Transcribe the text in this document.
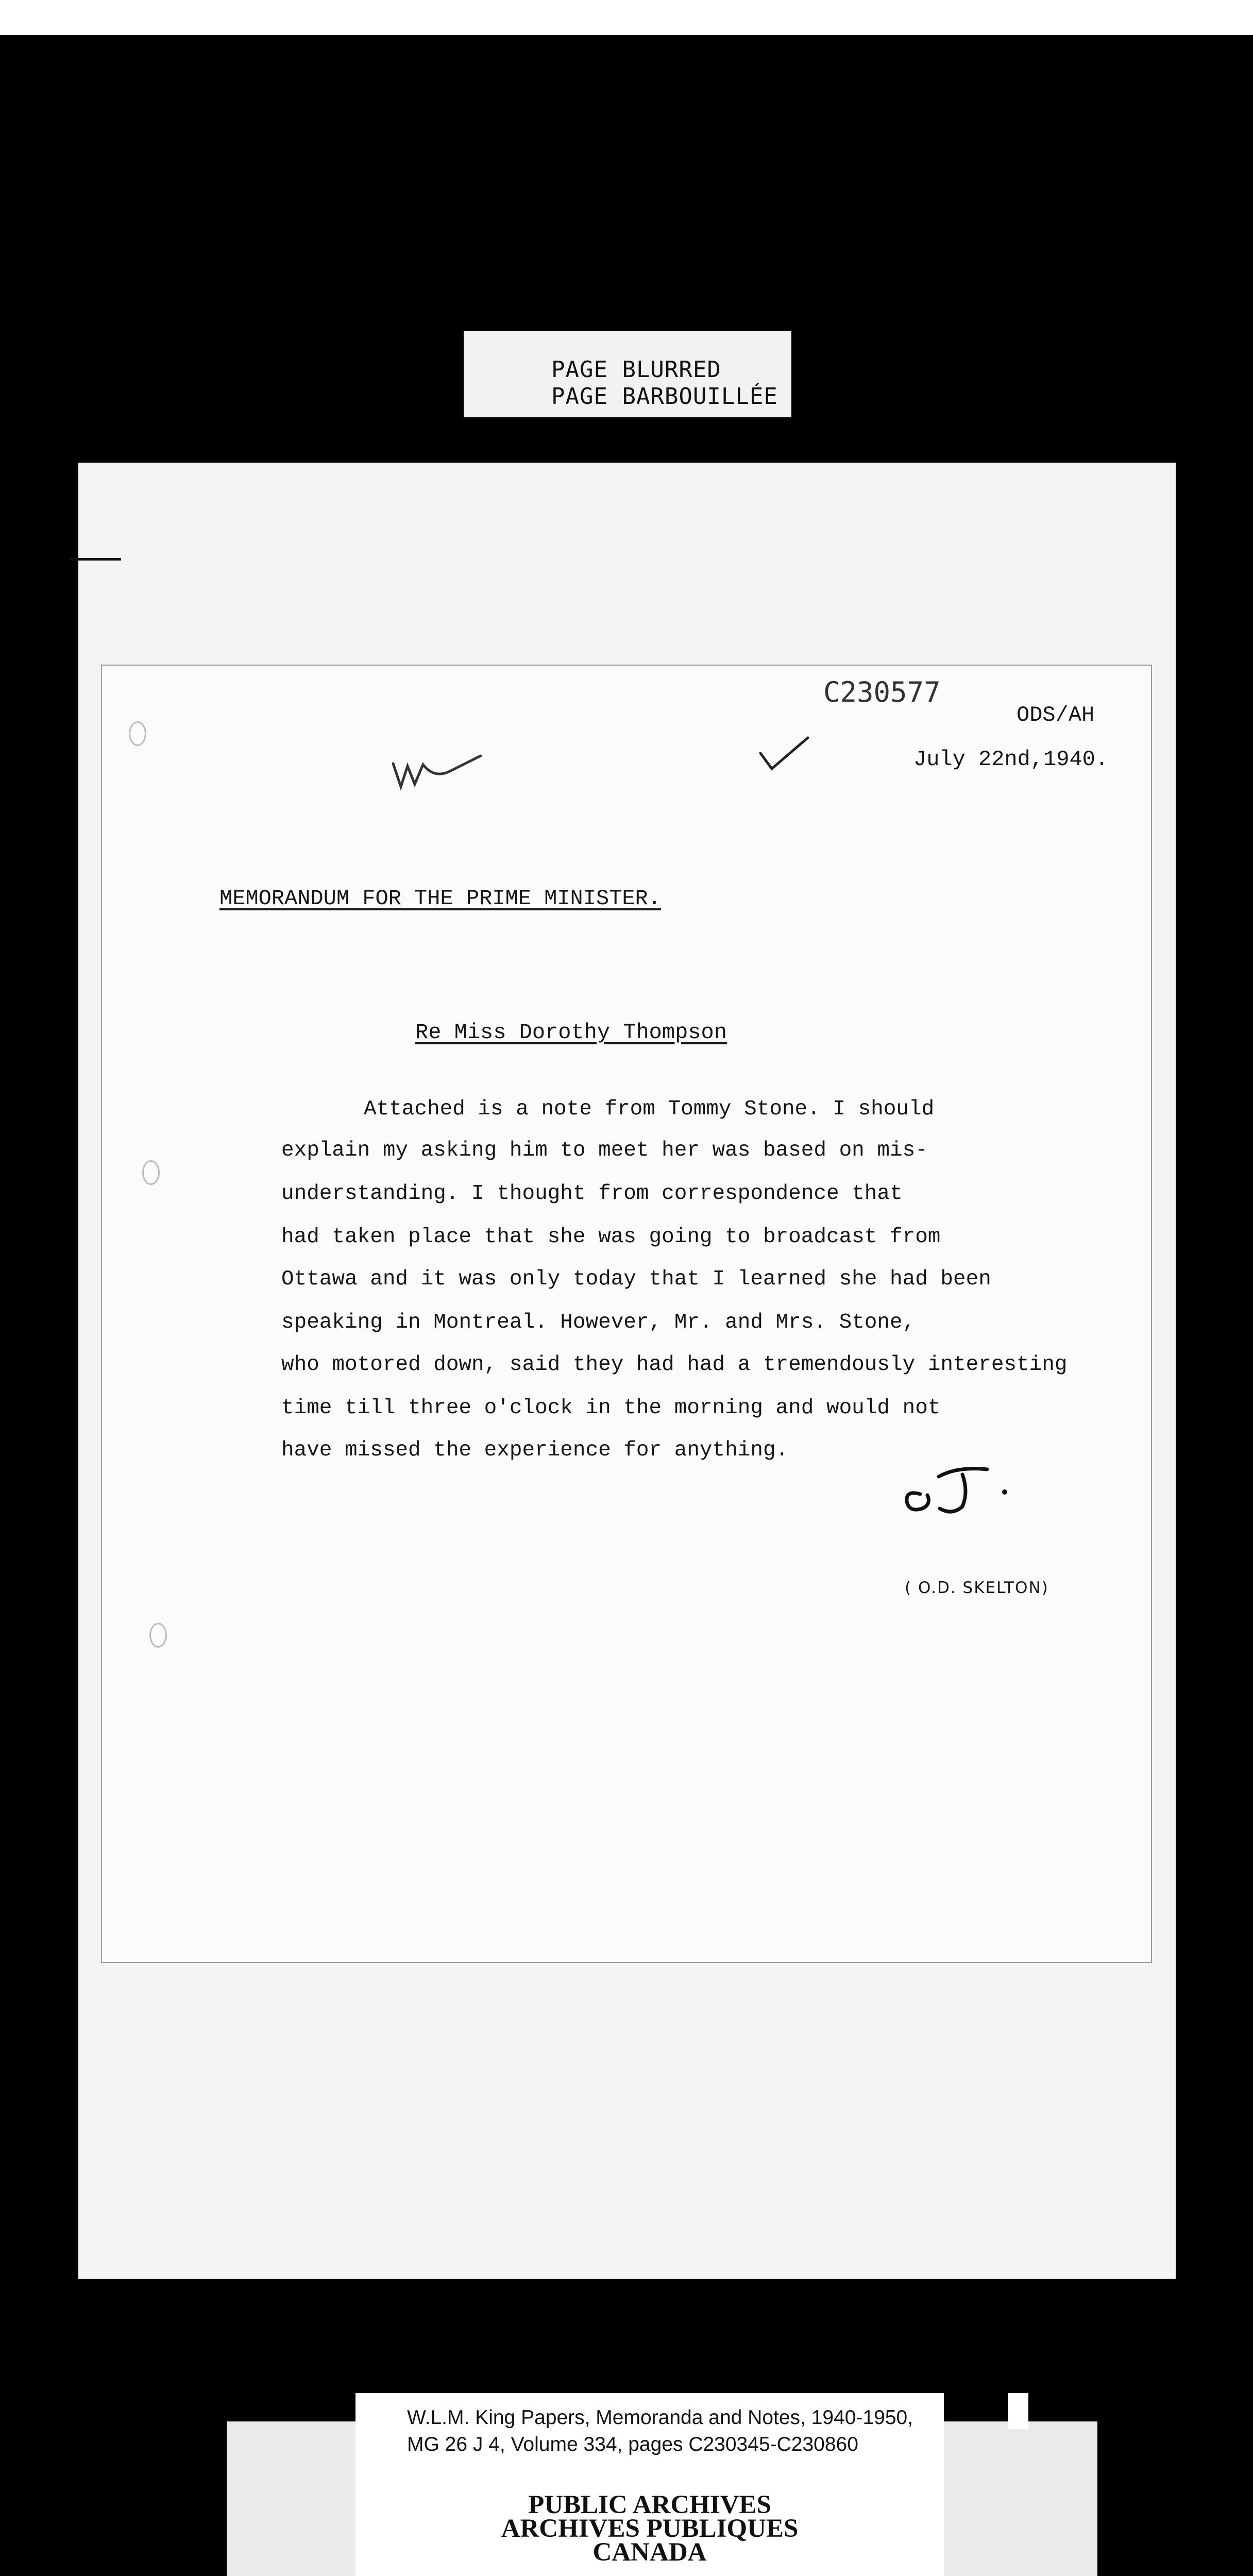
PAGE BLURRED
PAGE BARBOUILLÉE
C230577
ODS/AH
July 22nd,1940.
MEMORANDUM FOR THE PRIME MINISTER.
Re Miss Dorothy Thompson
Attached is a note from Tommy Stone. I should
explain my asking him to meet her was based on mis-
understanding. I thought from correspondence that
had taken place that she was going to broadcast from
Ottawa and it was only today that I learned she had been
speaking in Montreal. However, Mr. and Mrs. Stone,
who motored down, said they had had a tremendously interesting
time till three o'clock in the morning and would not
have missed the experience for anything.
( O.D. SKELTON)
W.L.M. King Papers, Memoranda and Notes, 1940-1950,
MG 26 J 4, Volume 334, pages C230345-C230860
PUBLIC ARCHIVES
ARCHIVES PUBLIQUES
CANADA
